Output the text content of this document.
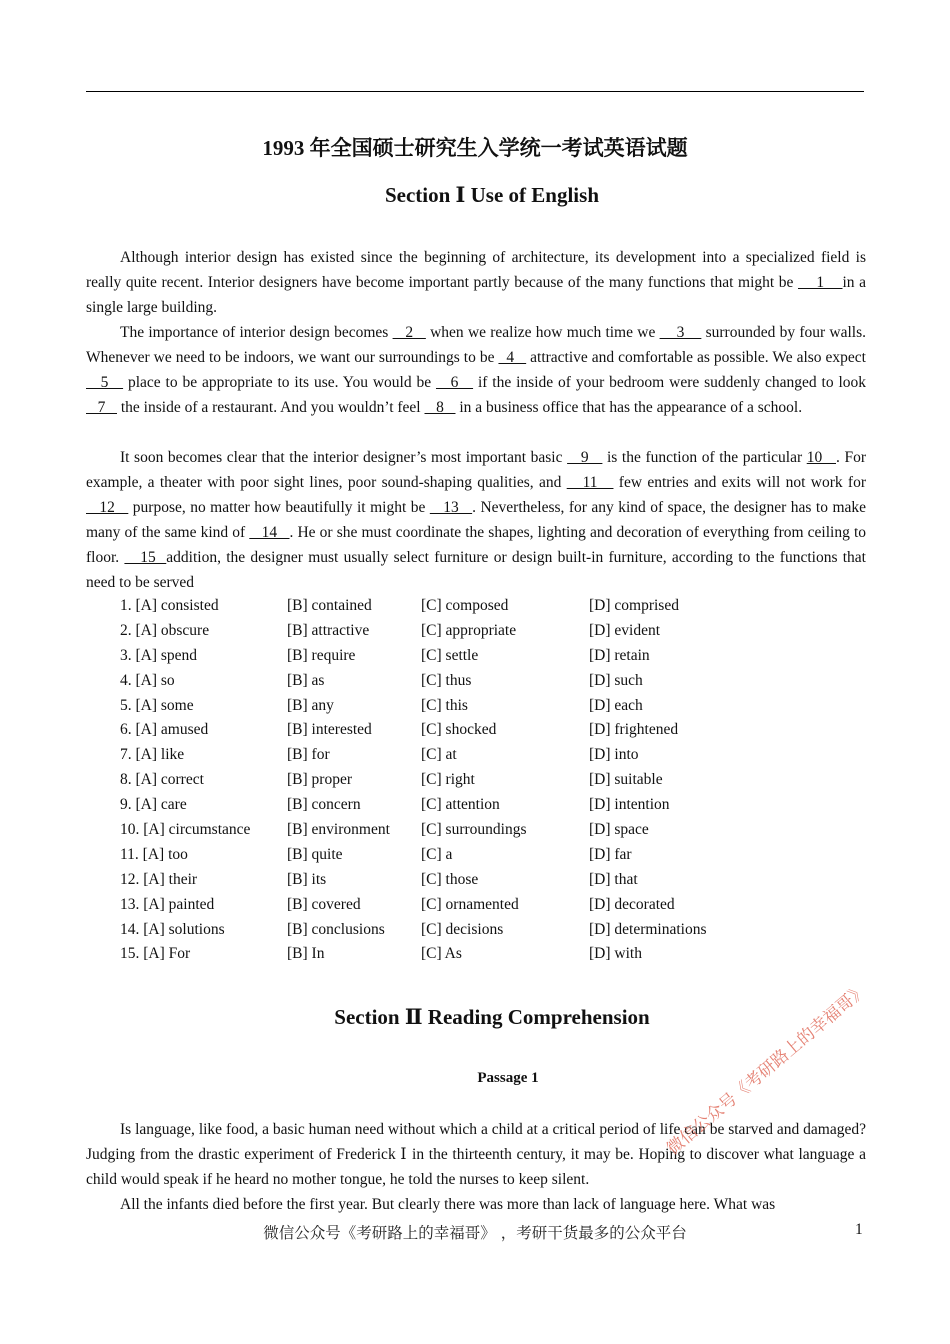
1993 年全国硕士研究生入学统一考试英语试题
Section Ⅰ Use of English

Although interior design has existed since the beginning of architecture, its development into a specialized field is really quite recent. Interior designers have become important partly because of the many functions that might be     1    in a single large building.

The importance of interior design becomes    2    when we realize how much time we     3     surrounded by four walls. Whenever we need to be indoors, we want our surroundings to be   4    attractive and comfortable as possible. We also expect    5    place to be appropriate to its use. You would be    6    if the inside of your bedroom were suddenly changed to look    7    the inside of a restaurant. And you wouldn’t feel    8    in a business office that has the appearance of a school.

It soon becomes clear that the interior designer’s most important basic    9    is the function of the particular 10   . For example, a theater with poor sight lines, poor sound-shaping qualities, and    11    few entries and exits will not work for    12    purpose, no matter how beautifully it might be    13   . Nevertheless, for any kind of space, the designer has to make many of the same kind of    14   . He or she must coordinate the shapes, lighting and decoration of everything from ceiling to floor.    15  addition, the designer must usually select furniture or design built-in furniture, according to the functions that need to be served

1. [A] consisted	[B] contained	[C] composed	[D] comprised
2. [A] obscure	[B] attractive	[C] appropriate	[D] evident
3. [A] spend	[B] require	[C] settle	[D] retain
4. [A] so	[B] as	[C] thus	[D] such
5. [A] some	[B] any	[C] this	[D] each
6. [A] amused	[B] interested	[C] shocked	[D] frightened
7. [A] like	[B] for	[C] at	[D] into
8. [A] correct	[B] proper	[C] right	[D] suitable
9. [A] care	[B] concern	[C] attention	[D] intention
10. [A] circumstance [B] environment [C] surroundings	[D] space
11. [A] too	[B] quite	[C] a	[D] far
12. [A] their	[B] its	[C] those	[D] that
13. [A] painted	[B] covered	[C] ornamented	[D] decorated
14. [A] solutions	[B] conclusions [C] decisions	[D] determinations
15. [A] For	[B] In	[C] As	[D] with
Section Ⅱ Reading Comprehension
Passage 1

Is language, like food, a basic human need without which a child at a critical period of life can be starved and damaged? Judging from the drastic experiment of Frederick Ⅰ in the thirteenth century, it may be. Hoping to discover what language a child would speak if he heard no mother tongue, he told the nurses to keep silent.

All the infants died before the first year. But clearly there was more than lack of language here. What was

微信公众号《考研路上的幸福哥》 ，考研干货最多的公众平台	1
微信公众号《考研路上的幸福哥》
